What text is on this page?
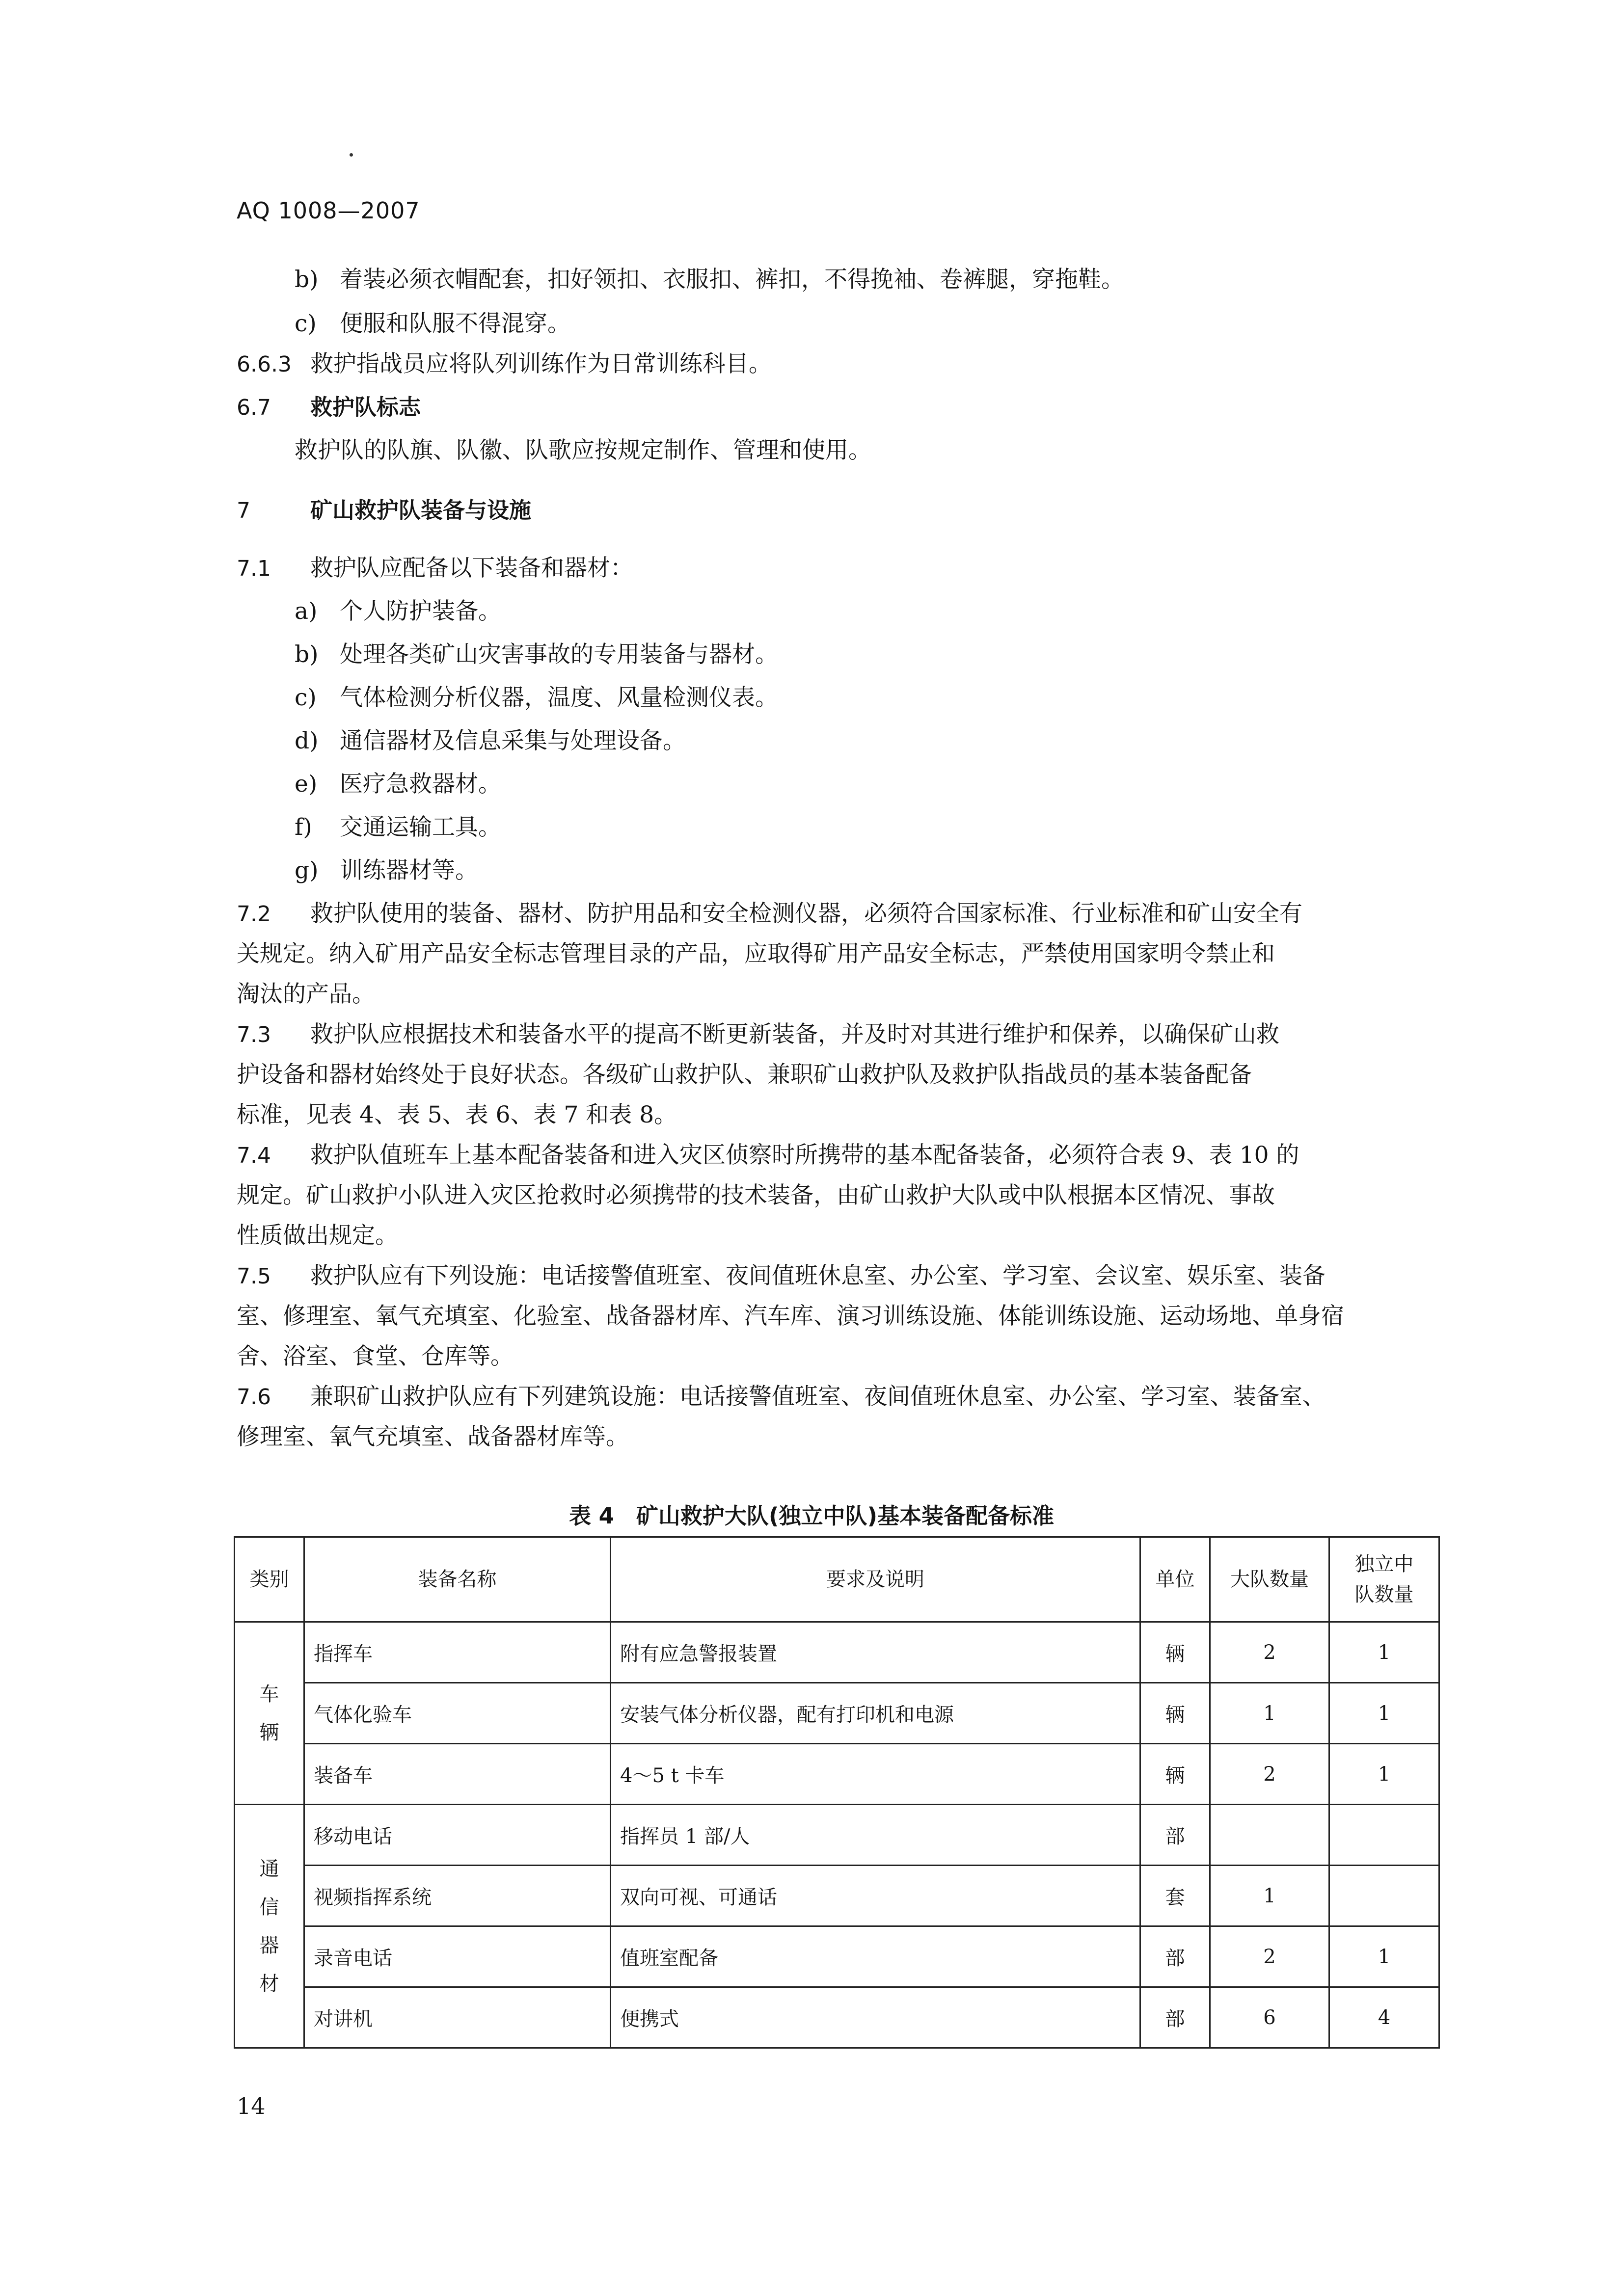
AQ 1008—2007
b) 着装必须衣帽配套，扣好领扣、衣服扣、裤扣，不得挽袖、卷裤腿，穿拖鞋。
c) 便服和队服不得混穿。
6.6.3 救护指战员应将队列训练作为日常训练科目。
6.7 救护队标志
救护队的队旗、队徽、队歌应按规定制作、管理和使用。
7	矿山救护队装备与设施
7.1 救护队应配备以下装备和器材：
a) 个人防护装备。
b) 处理各类矿山灾害事故的专用装备与器材。
c) 气体检测分析仪器，温度、风量检测仪表。
d) 通信器材及信息采集与处理设备。
e) 医疗急救器材。
f) 交通运输工具。
g) 训练器材等。
7.2 救护队使用的装备、器材、防护用品和安全检测仪器，必须符合国家标准、行业标准和矿山安全有
关规定。纳入矿用产品安全标志管理目录的产品，应取得矿用产品安全标志，严禁使用国家明令禁止和
淘汰的产品。
7.3 救护队应根据技术和装备水平的提高不断更新装备，并及时对其进行维护和保养，以确保矿山救
护设备和器材始终处于良好状态。各级矿山救护队、兼职矿山救护队及救护队指战员的基本装备配备
标准，见表 4、表 5、表 6、表 7 和表 8。
7.4 救护队值班车上基本配备装备和进入灾区侦察时所携带的基本配备装备，必须符合表 9、表 10 的
规定。矿山救护小队进入灾区抢救时必须携带的技术装备，由矿山救护大队或中队根据本区情况、事故
性质做出规定。
7.5 救护队应有下列设施：电话接警值班室、夜间值班休息室、办公室、学习室、会议室、娱乐室、装备
室、修理室、氧气充填室、化验室、战备器材库、汽车库、演习训练设施、体能训练设施、运动场地、单身宿
舍、浴室、食堂、仓库等。
7.6 兼职矿山救护队应有下列建筑设施：电话接警值班室、夜间值班休息室、办公室、学习室、装备室、
修理室、氧气充填室、战备器材库等。
表 4　矿山救护大队(独立中队)基本装备配备标准
类别	装备名称	要求及说明	单位	大队数量	独立中队数量

车辆	指挥车	附有应急警报装置	辆	2	1
	气体化验车	安装气体分析仪器，配有打印机和电源	辆	1	1
	装备车	4～5 t 卡车	辆	2	1

通信器材	移动电话	指挥员 1 部/人	部		
	视频指挥系统	双向可视、可通话	套	1	
	录音电话	值班室配备	部	2	1
	对讲机	便携式	部	6	4
14
